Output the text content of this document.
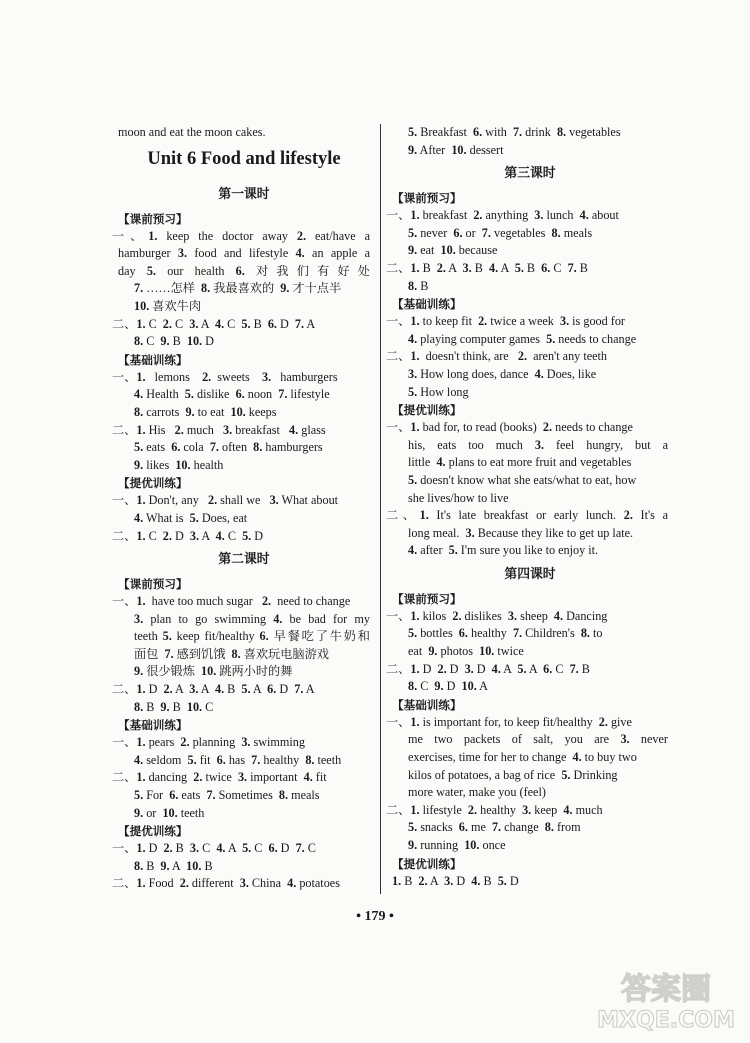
moon and eat the moon cakes.
Unit 6 Food and lifestyle
第一课时
【课前预习】
一、1. keep the doctor away 2. eat/have a
hamburger 3. food and lifestyle 4. an apple a
day 5. our health 6. 对我们有好处
7. ……怎样  8. 我最喜欢的  9. 才十点半
10. 喜欢牛肉
二、1. C  2. C  3. A  4. C  5. B  6. D  7. A
8. C  9. B  10. D
【基础训练】
一、1.   lemons    2.  sweets    3.   hamburgers
4. Health  5. dislike  6. noon  7. lifestyle
8. carrots  9. to eat  10. keeps
二、1. His   2. much   3. breakfast   4. glass
5. eats  6. cola  7. often  8. hamburgers
9. likes  10. health
【提优训练】
一、1. Don't, any   2. shall we   3. What about
4. What is  5. Does, eat
二、1. C  2. D  3. A  4. C  5. D
第二课时
【课前预习】
一、1.  have too much sugar   2.  need to change
3. plan to go swimming 4. be bad for my
teeth 5. keep fit/healthy 6. 早餐吃了牛奶和
面包  7. 感到饥饿  8. 喜欢玩电脑游戏
9. 很少锻炼  10. 跳两小时的舞
二、1. D  2. A  3. A  4. B  5. A  6. D  7. A
8. B  9. B  10. C
【基础训练】
一、1. pears  2. planning  3. swimming
4. seldom  5. fit  6. has  7. healthy  8. teeth
二、1. dancing  2. twice  3. important  4. fit
5. For  6. eats  7. Sometimes  8. meals
9. or  10. teeth
【提优训练】
一、1. D  2. B  3. C  4. A  5. C  6. D  7. C
8. B  9. A  10. B
二、1. Food  2. different  3. China  4. potatoes
5. Breakfast  6. with  7. drink  8. vegetables
9. After  10. dessert
第三课时
【课前预习】
一、1. breakfast  2. anything  3. lunch  4. about
5. never  6. or  7. vegetables  8. meals
9. eat  10. because
二、1. B  2. A  3. B  4. A  5. B  6. C  7. B
8. B
【基础训练】
一、1. to keep fit  2. twice a week  3. is good for
4. playing computer games  5. needs to change
二、1.  doesn't think, are   2.  aren't any teeth
3. How long does, dance  4. Does, like
5. How long
【提优训练】
一、1. bad for, to read (books)  2. needs to change
his, eats too much 3. feel hungry, but a
little  4. plans to eat more fruit and vegetables
5. doesn't know what she eats/what to eat, how
she lives/how to live
二、1. It's late breakfast or early lunch. 2. It's a
long meal.  3. Because they like to get up late.
4. after  5. I'm sure you like to enjoy it.
第四课时
【课前预习】
一、1. kilos  2. dislikes  3. sheep  4. Dancing
5. bottles  6. healthy  7. Children's  8. to
eat  9. photos  10. twice
二、1. D  2. D  3. D  4. A  5. A  6. C  7. B
8. C  9. D  10. A
【基础训练】
一、1. is important for, to keep fit/healthy  2. give
me two packets of salt, you are 3. never
exercises, time for her to change  4. to buy two
kilos of potatoes, a bag of rice  5. Drinking
more water, make you (feel)
二、1. lifestyle  2. healthy  3. keep  4. much
5. snacks  6. me  7. change  8. from
9. running  10. once
【提优训练】
1. B  2. A  3. D  4. B  5. D
• 179 •
答案圈
MXQE.COM
